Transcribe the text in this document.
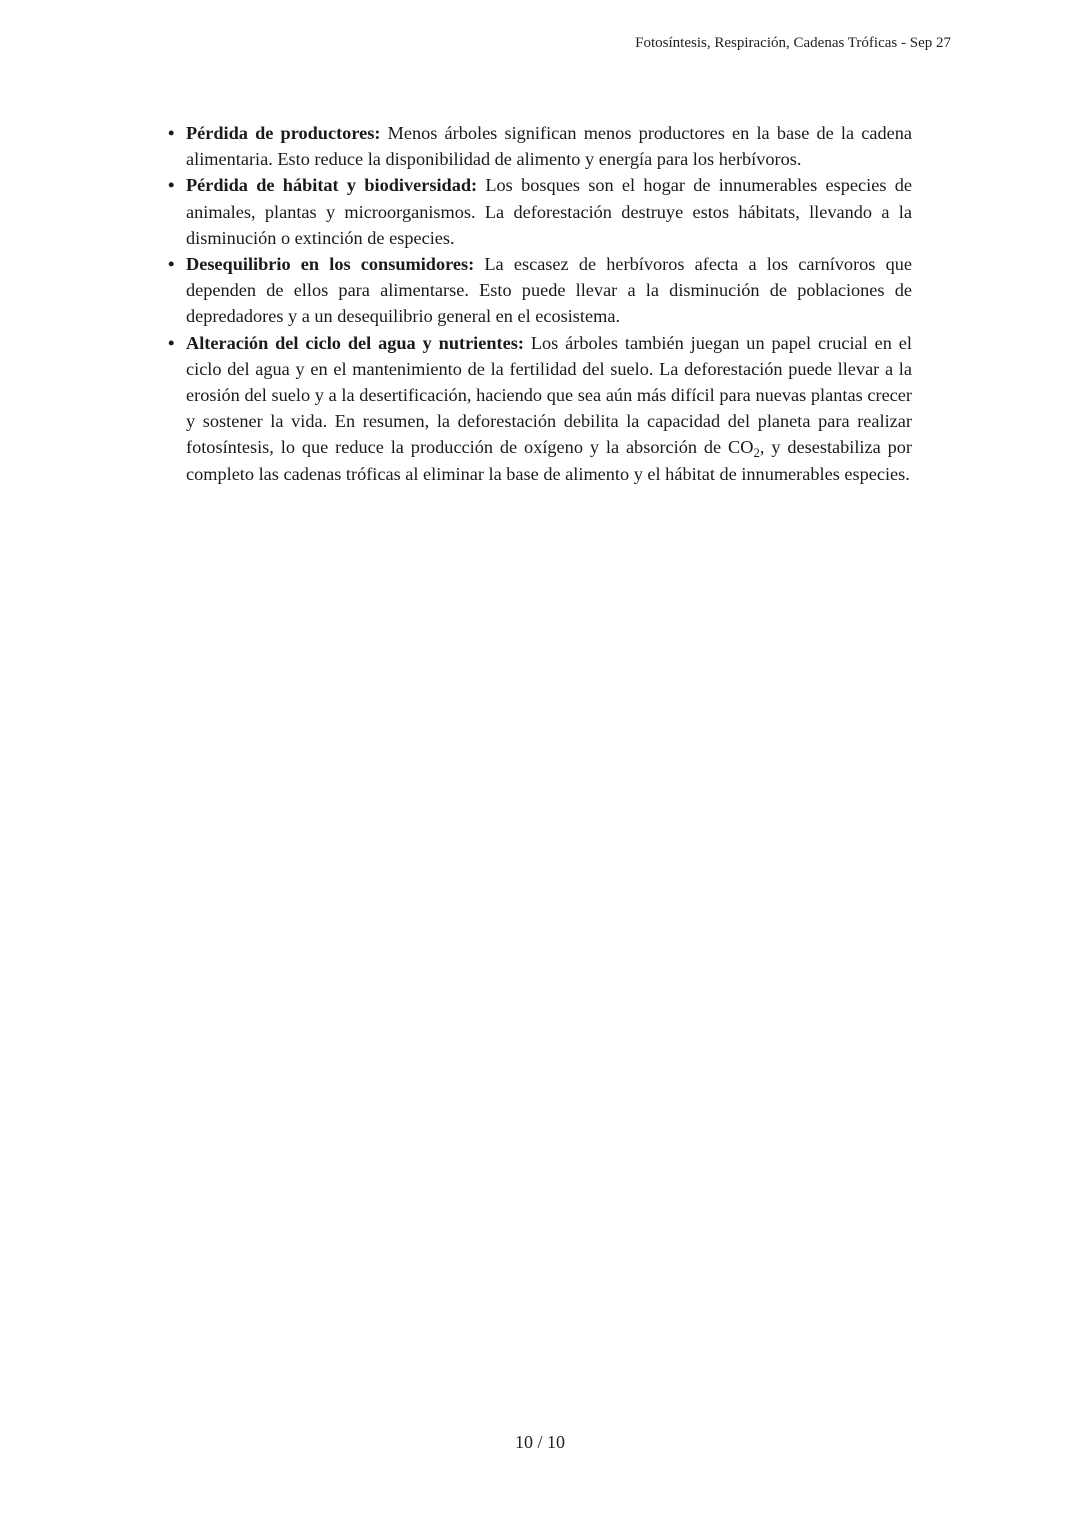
Fotosíntesis, Respiración, Cadenas Tróficas - Sep 27
• Pérdida de productores: Menos árboles significan menos productores en la base de la cadena alimentaria. Esto reduce la disponibilidad de alimento y energía para los herbívoros.
• Pérdida de hábitat y biodiversidad: Los bosques son el hogar de innumerables especies de animales, plantas y microorganismos. La deforestación destruye estos hábitats, llevando a la disminución o extinción de especies.
• Desequilibrio en los consumidores: La escasez de herbívoros afecta a los carnívoros que dependen de ellos para alimentarse. Esto puede llevar a la disminución de poblaciones de depredadores y a un desequilibrio general en el ecosistema.
• Alteración del ciclo del agua y nutrientes: Los árboles también juegan un papel crucial en el ciclo del agua y en el mantenimiento de la fertilidad del suelo. La deforestación puede llevar a la erosión del suelo y a la desertificación, haciendo que sea aún más difícil para nuevas plantas crecer y sostener la vida. En resumen, la deforestación debilita la capacidad del planeta para realizar fotosíntesis, lo que reduce la producción de oxígeno y la absorción de $CO_2$, y desestabiliza por completo las cadenas tróficas al eliminar la base de alimento y el hábitat de innumerables especies.
10 / 10
